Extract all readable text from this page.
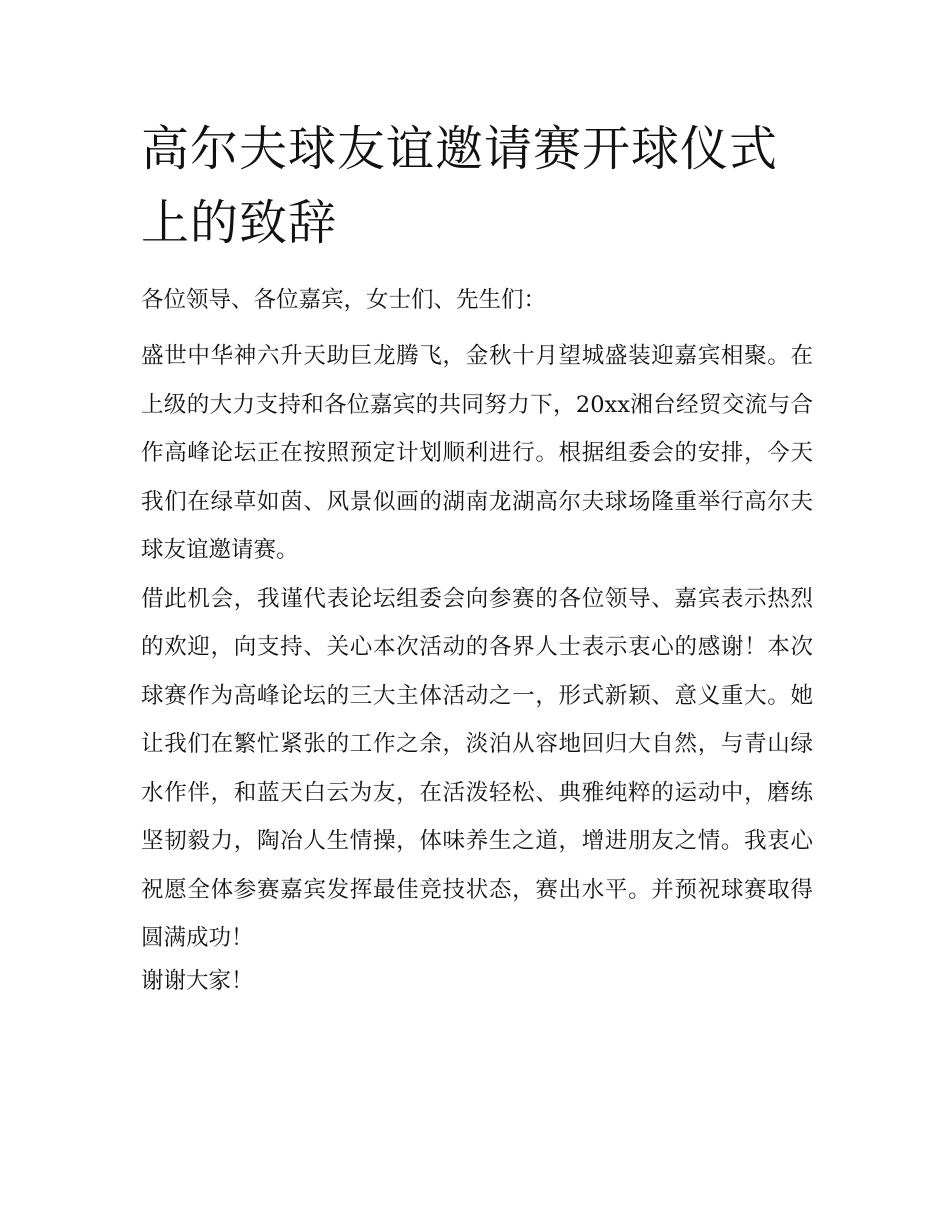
高尔夫球友谊邀请赛开球仪式上的致辞

各位领导、各位嘉宾，女士们、先生们：

盛世中华神六升天助巨龙腾飞，金秋十月望城盛装迎嘉宾相聚。在上级的大力支持和各位嘉宾的共同努力下，20xx湘台经贸交流与合作高峰论坛正在按照预定计划顺利进行。根据组委会的安排，今天我们在绿草如茵、风景似画的湖南龙湖高尔夫球场隆重举行高尔夫球友谊邀请赛。

借此机会，我谨代表论坛组委会向参赛的各位领导、嘉宾表示热烈的欢迎，向支持、关心本次活动的各界人士表示衷心的感谢！本次球赛作为高峰论坛的三大主体活动之一，形式新颖、意义重大。她让我们在繁忙紧张的工作之余，淡泊从容地回归大自然，与青山绿水作伴，和蓝天白云为友，在活泼轻松、典雅纯粹的运动中，磨练坚韧毅力，陶冶人生情操，体味养生之道，增进朋友之情。我衷心祝愿全体参赛嘉宾发挥最佳竞技状态，赛出水平。并预祝球赛取得圆满成功！

谢谢大家！
